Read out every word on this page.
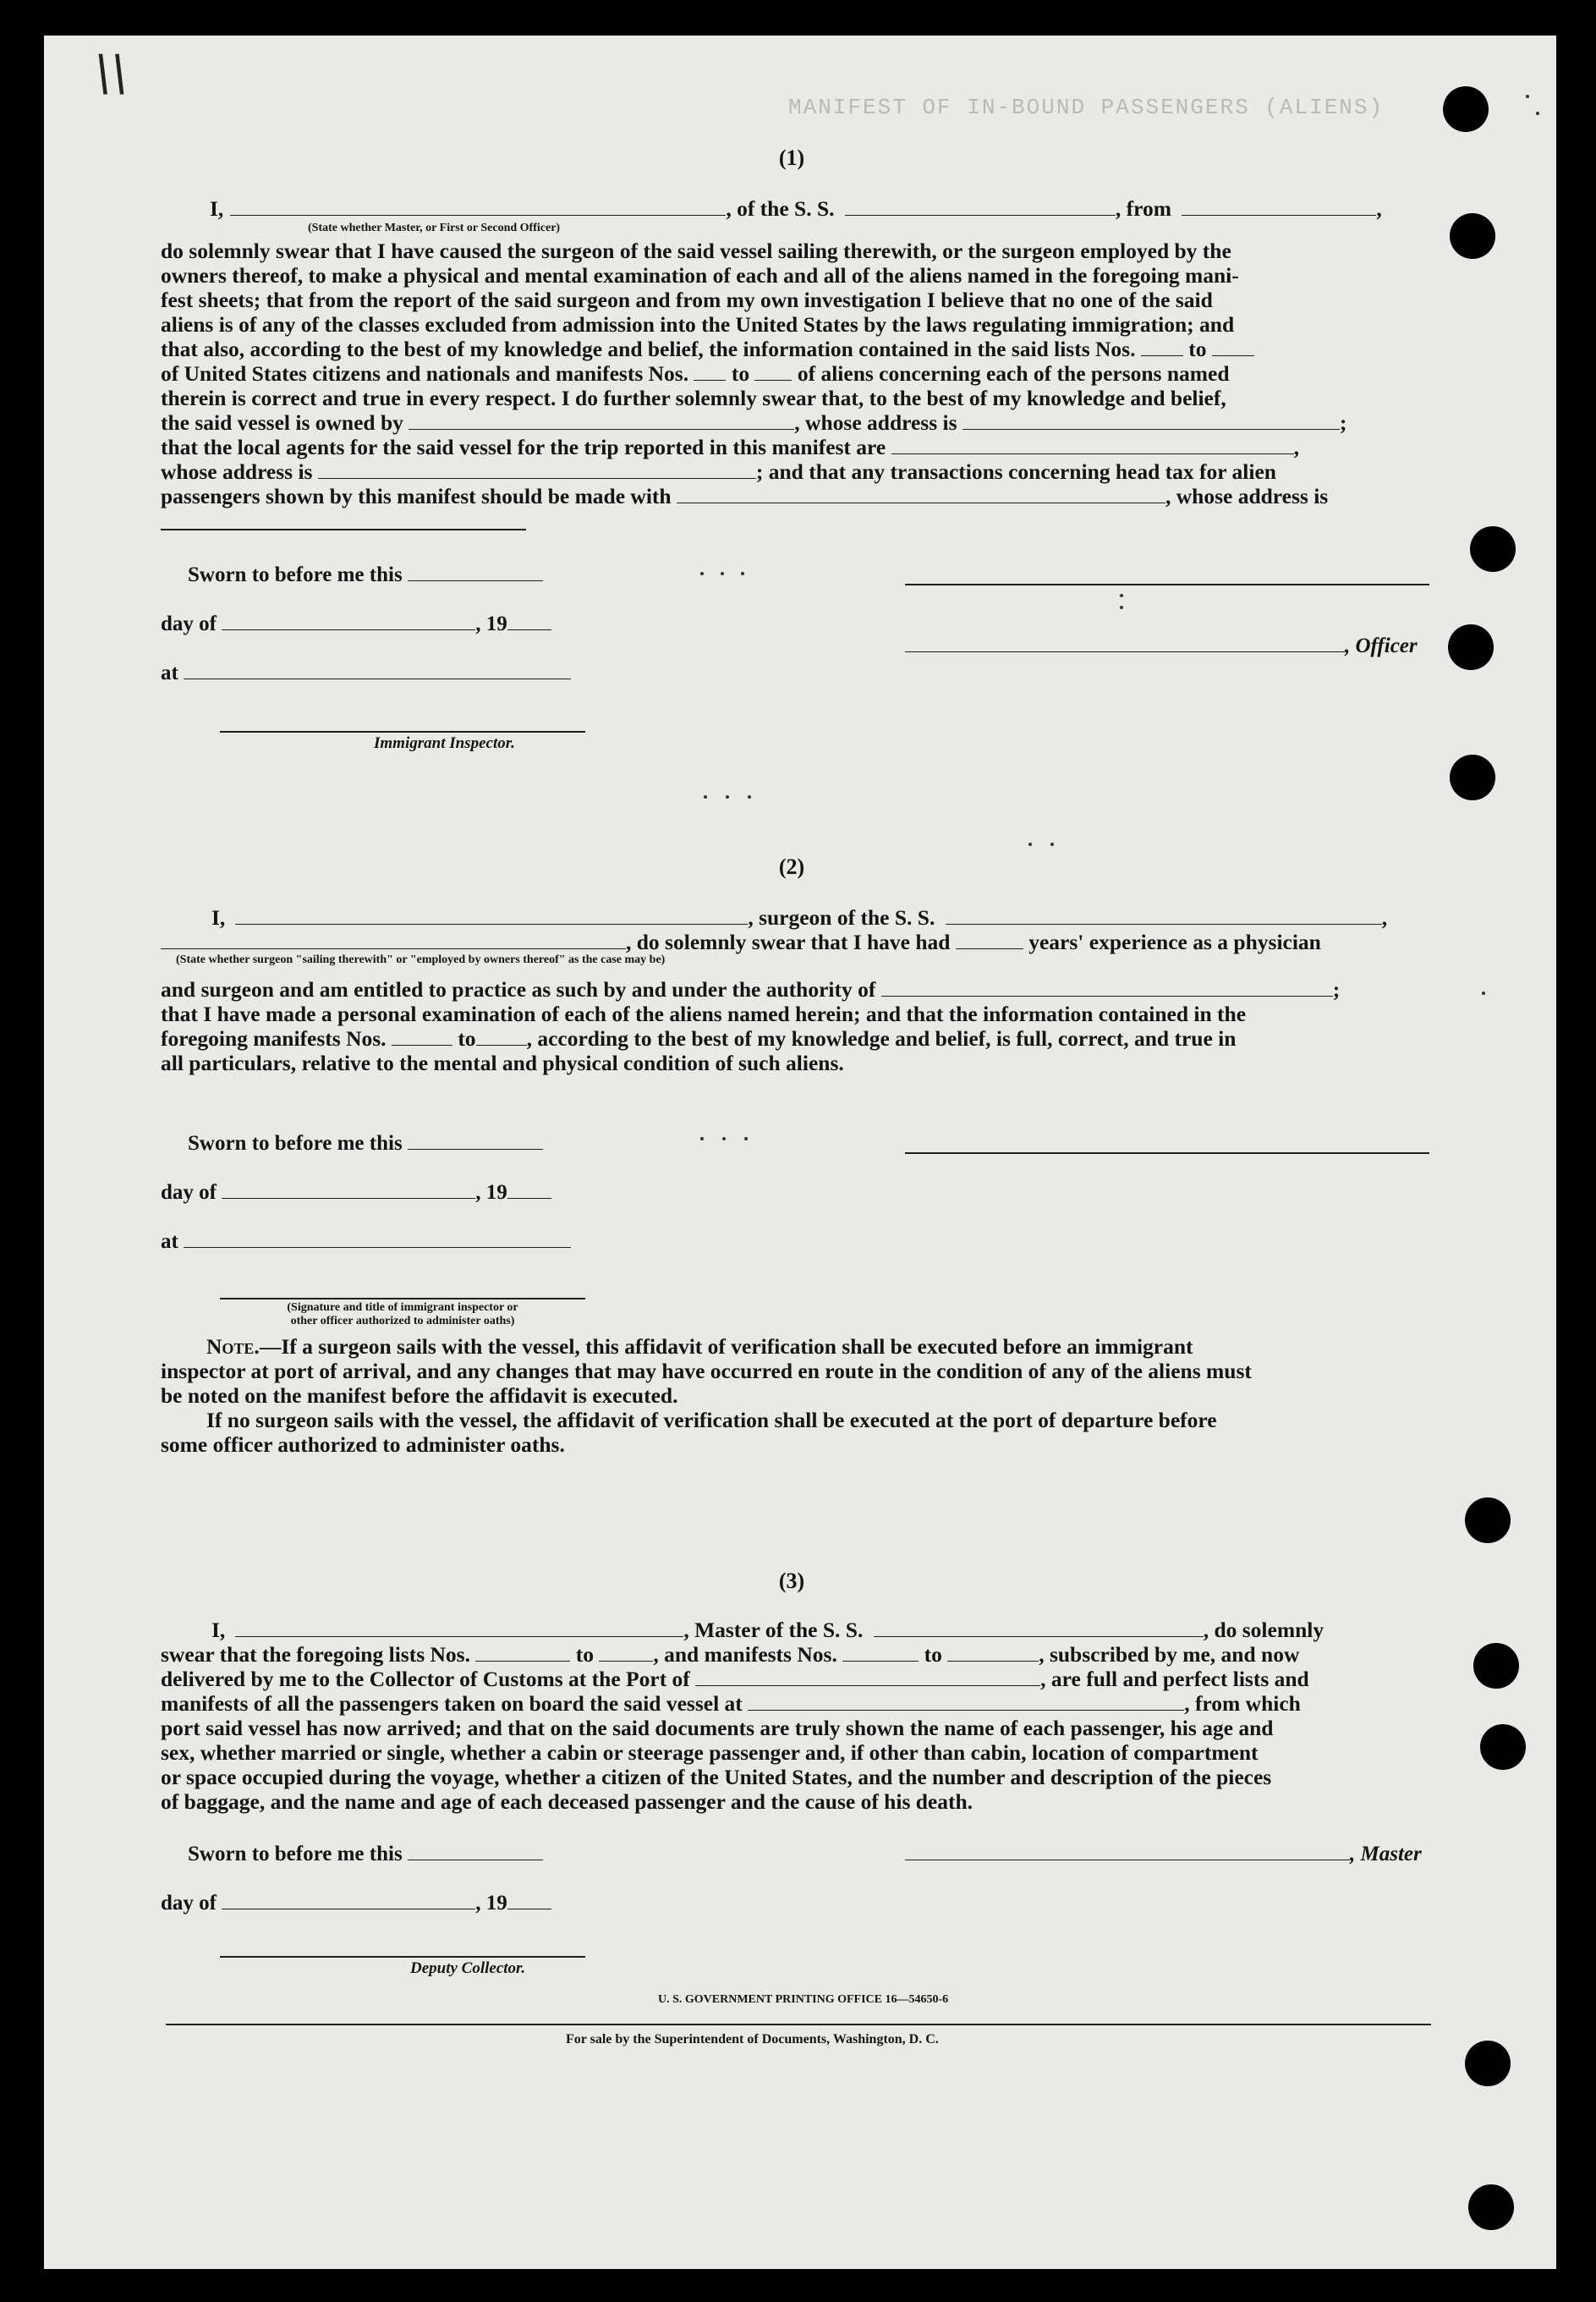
\\
MANIFEST OF IN-BOUND PASSENGERS (ALIENS)
(1)
I,	, of the S. S.	, from	,
(State whether Master, or First or Second Officer)
do solemnly swear that I have caused the surgeon of the said vessel sailing therewith, or the surgeon employed by the
owners thereof, to make a physical and mental examination of each and all of the aliens named in the foregoing mani-
fest sheets; that from the report of the said surgeon and from my own investigation I believe that no one of the said
aliens is of any of the classes excluded from admission into the United States by the laws regulating immigration; and
that also, according to the best of my knowledge and belief, the information contained in the said lists Nos. to
of United States citizens and nationals and manifests Nos. to of aliens concerning each of the persons named
therein is correct and true in every respect. I do further solemnly swear that, to the best of my knowledge and belief,
the said vessel is owned by	, whose address is	;
that the local agents for the said vessel for the trip reported in this manifest are	,
whose address is	; and that any transactions concerning head tax for alien
passengers shown by this manifest should be made with	, whose address is
Sworn to before me this
day of	, 19
, Officer
at
Immigrant Inspector.
(2)
I,	, surgeon of the S. S.	,
, do solemnly swear that I have had	years' experience as a physician
(State whether surgeon "sailing therewith" or "employed by owners thereof" as the case may be)
and surgeon and am entitled to practice as such by and under the authority of	;
that I have made a personal examination of each of the aliens named herein; and that the information contained in the
foregoing manifests Nos.	to , according to the best of my knowledge and belief, is full, correct, and true in
all particulars, relative to the mental and physical condition of such aliens.
Sworn to before me this
day of	, 19
at
(Signature and title of immigrant inspector or
other officer authorized to administer oaths)
Note.—If a surgeon sails with the vessel, this affidavit of verification shall be executed before an immigrant
inspector at port of arrival, and any changes that may have occurred en route in the condition of any of the aliens must
be noted on the manifest before the affidavit is executed.
If no surgeon sails with the vessel, the affidavit of verification shall be executed at the port of departure before
some officer authorized to administer oaths.
(3)
I,	, Master of the S. S.	, do solemnly
swear that the foregoing lists Nos.	to	, and manifests Nos.	to	, subscribed by me, and now
delivered by me to the Collector of Customs at the Port of	, are full and perfect lists and
manifests of all the passengers taken on board the said vessel at	, from which
port said vessel has now arrived; and that on the said documents are truly shown the name of each passenger, his age and
sex, whether married or single, whether a cabin or steerage passenger and, if other than cabin, location of compartment
or space occupied during the voyage, whether a citizen of the United States, and the number and description of the pieces
of baggage, and the name and age of each deceased passenger and the cause of his death.
Sworn to before me this	, Master
day of	, 19
Deputy Collector.
U. S. GOVERNMENT PRINTING OFFICE 16—54650-6
For sale by the Superintendent of Documents, Washington, D. C.
